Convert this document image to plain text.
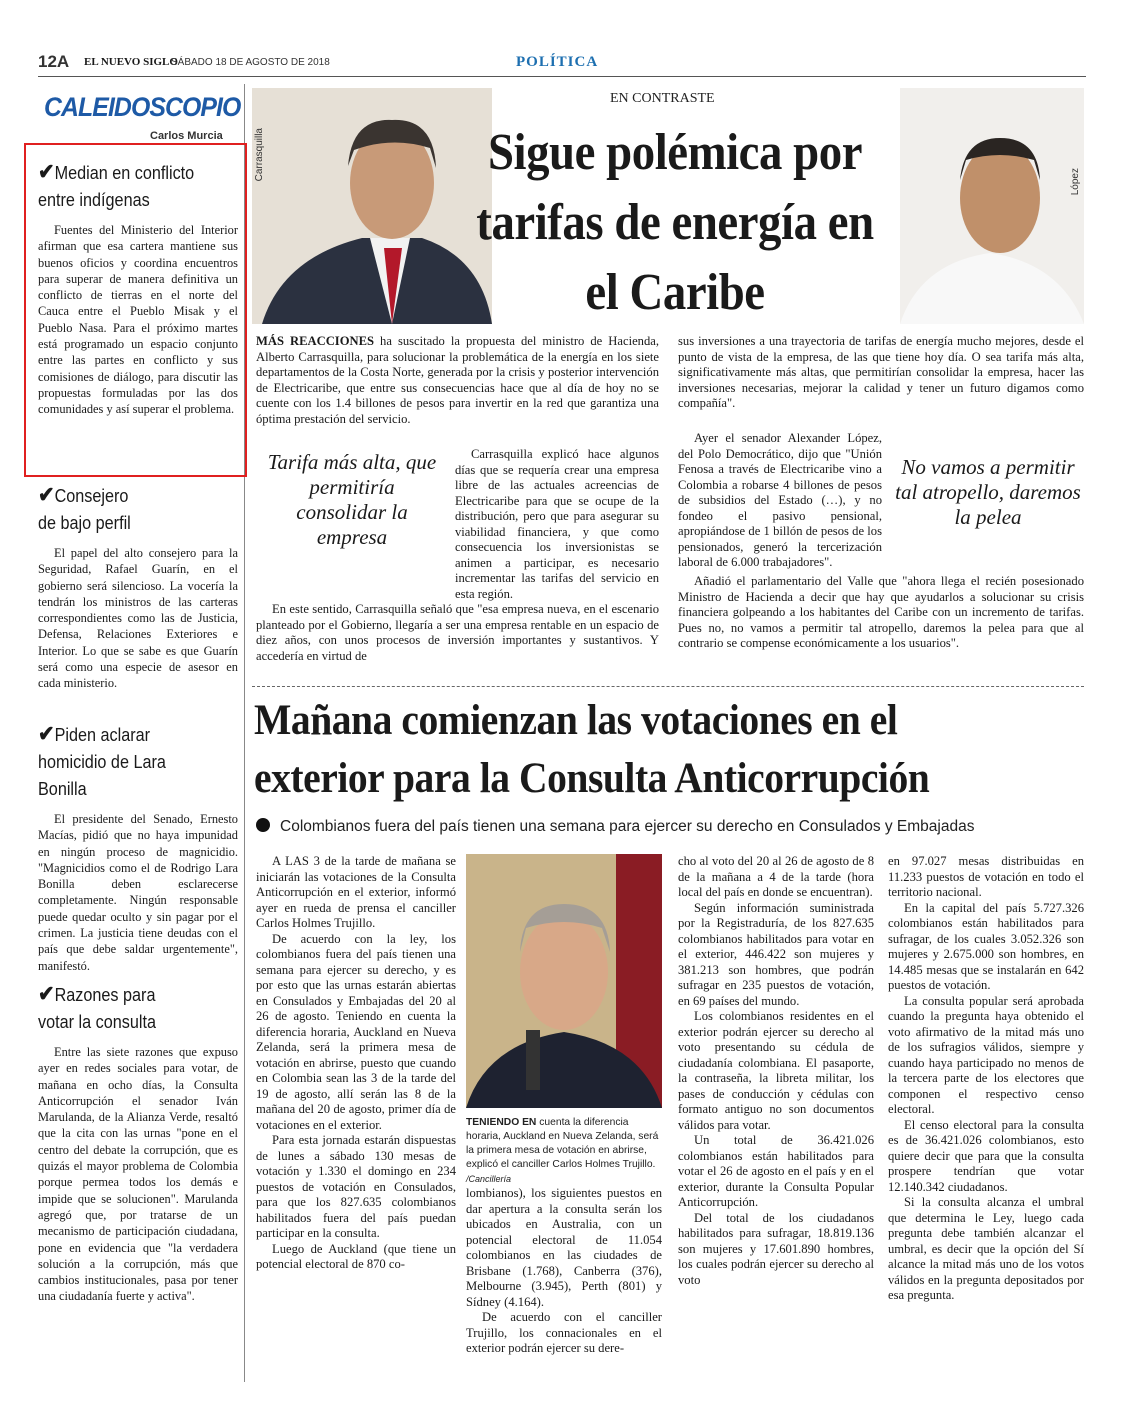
12A EL NUEVO SIGLO
SÁBADO 18 DE AGOSTO DE 2018	POLÍTICA
CALEIDOSCOPIO
Carlos Murcia
✔Median en conflicto
entre indígenas
Fuentes del Ministerio del Interior afirman que esa cartera mantiene sus buenos oficios y coordina encuentros para superar de manera definitiva un conflicto de tierras en el norte del Cauca entre el Pueblo Misak y el Pueblo Nasa. Para el próximo martes está programado un espacio conjunto entre las partes en conflicto y sus comisiones de diálogo, para discutir las propuestas formuladas por las dos comunidades y así superar el problema.
✔Consejero
de bajo perfil
El papel del alto consejero para la Seguridad, Rafael Guarín, en el gobierno será silencioso. La vocería la tendrán los ministros de las carteras correspondientes como las de Justicia, Defensa, Relaciones Exteriores e Interior. Lo que se sabe es que Guarín será como una especie de asesor en cada ministerio.
✔Piden aclarar
homicidio de Lara Bonilla
El presidente del Senado, Ernesto Macías, pidió que no haya impunidad en ningún proceso de magnicidio. "Magnicidios como el de Rodrigo Lara Bonilla deben esclarecerse completamente. Ningún responsable puede quedar oculto y sin pagar por el crimen. La justicia tiene deudas con el país que debe saldar urgentemente", manifestó.
✔Razones para
votar la consulta
Entre las siete razones que expuso ayer en redes sociales para votar, de mañana en ocho días, la Consulta Anticorrupción el senador Iván Marulanda, de la Alianza Verde, resaltó que la cita con las urnas "pone en el centro del debate la corrupción, que es quizás el mayor problema de Colombia porque permea todos los demás e impide que se solucionen". Marulanda agregó que, por tratarse de un mecanismo de participación ciudadana, pone en evidencia que "la verdadera solución a la corrupción, más que cambios institucionales, pasa por tener una ciudadanía fuerte y activa".
Carrasquilla
EN CONTRASTE
Sigue polémica por tarifas de energía en el Caribe
López

MÁS REACCIONES ha suscitado la propuesta del ministro de Hacienda, Alberto Carrasquilla, para solucionar la problemática de la energía en los siete departamentos de la Costa Norte, generada por la crisis y posterior intervención de Electricaribe, que entre sus consecuencias hace que al día de hoy no se cuente con los 1.4 billones de pesos para invertir en la red que garantiza una óptima prestación del servicio.

Tarifa más alta, que permitiría consolidar la empresa

Carrasquilla explicó hace algunos días que se requería crear una empresa libre de las actuales acreencias de Electricaribe para que se ocupe de la distribución, pero que para asegurar su viabilidad financiera, y que como consecuencia los inversionistas se animen a participar, es necesario incrementar las tarifas del servicio en esta región.

En este sentido, Carrasquilla señaló que "esa empresa nueva, en el escenario planteado por el Gobierno, llegaría a ser una empresa rentable en un espacio de diez años, con unos procesos de inversión importantes y sustantivos. Y accedería en virtud de

sus inversiones a una trayectoria de tarifas de energía mucho mejores, desde el punto de vista de la empresa, de las que tiene hoy día. O sea tarifa más alta, significativamente más altas, que permitirían consolidar la empresa, hacer las inversiones necesarias, mejorar la calidad y tener un futuro digamos como compañía".

Ayer el senador Alexander López, del Polo Democrático, dijo que "Unión Fenosa a través de Electricaribe vino a Colombia a robarse 4 billones de pesos de subsidios del Estado (…), y no fondeo el pasivo pensional, apropiándose de 1 billón de pesos de los pensionados, generó la tercerización laboral de 6.000 trabajadores".

No vamos a permitir tal atropello, daremos la pelea

Añadió el parlamentario del Valle que "ahora llega el recién posesionado Ministro de Hacienda a decir que hay que ayudarlos a solucionar su crisis financiera golpeando a los habitantes del Caribe con un incremento de tarifas. Pues no, no vamos a permitir tal atropello, daremos la pelea para que al contrario se compense económicamente a los usuarios".

Mañana comienzan las votaciones en el
exterior para la Consulta Anticorrupción
Colombianos fuera del país tienen una semana para ejercer su derecho en Consulados y Embajadas

A LAS 3 de la tarde de mañana se iniciarán las votaciones de la Consulta Anticorrupción en el exterior, informó ayer en rueda de prensa el canciller Carlos Holmes Trujillo.

De acuerdo con la ley, los colombianos fuera del país tienen una semana para ejercer su derecho, y es por esto que las urnas estarán abiertas en Consulados y Embajadas del 20 al 26 de agosto. Teniendo en cuenta la diferencia horaria, Auckland en Nueva Zelanda, será la primera mesa de votación en abrirse, puesto que cuando en Colombia sean las 3 de la tarde del 19 de agosto, allí serán las 8 de la mañana del 20 de agosto, primer día de votaciones en el exterior.

Para esta jornada estarán dispuestas de lunes a sábado 130 mesas de votación y 1.330 el domingo en 234 puestos de votación en Consulados, para que los 827.635 colombianos habilitados fuera del país puedan participar en la consulta.

Luego de Auckland (que tiene un potencial electoral de 870 co-

TENIENDO EN cuenta la diferencia horaria, Auckland en Nueva Zelanda, será la primera mesa de votación en abrirse, explicó el canciller Carlos Holmes Trujillo. /Cancillería

lombianos), los siguientes puestos en dar apertura a la consulta serán los ubicados en Australia, con un potencial electoral de 11.054 colombianos en las ciudades de Brisbane (1.768), Canberra (376), Melbourne (3.945), Perth (801) y Sídney (4.164).

De acuerdo con el canciller Trujillo, los connacionales en el exterior podrán ejercer su dere-

cho al voto del 20 al 26 de agosto de 8 de la mañana a 4 de la tarde (hora local del país en donde se encuentran).

Según información suministrada por la Registraduría, de los 827.635 colombianos habilitados para votar en el exterior, 446.422 son mujeres y 381.213 son hombres, que podrán sufragar en 235 puestos de votación, en 69 países del mundo.

Los colombianos residentes en el exterior podrán ejercer su derecho al voto presentando su cédula de ciudadanía colombiana. El pasaporte, la contraseña, la libreta militar, los pases de conducción y cédulas con formato antiguo no son documentos válidos para votar.

Un total de 36.421.026 colombianos están habilitados para votar el 26 de agosto en el país y en el exterior, durante la Consulta Popular Anticorrupción.

Del total de los ciudadanos habilitados para sufragar, 18.819.136 son mujeres y 17.601.890 hombres, los cuales podrán ejercer su derecho al voto

en 97.027 mesas distribuidas en 11.233 puestos de votación en todo el territorio nacional.

En la capital del país 5.727.326 colombianos están habilitados para sufragar, de los cuales 3.052.326 son mujeres y 2.675.000 son hombres, en 14.485 mesas que se instalarán en 642 puestos de votación.

La consulta popular será aprobada cuando la pregunta haya obtenido el voto afirmativo de la mitad más uno de los sufragios válidos, siempre y cuando haya participado no menos de la tercera parte de los electores que componen el respectivo censo electoral.

El censo electoral para la consulta es de 36.421.026 colombianos, esto quiere decir que para que la consulta prospere tendrían que votar 12.140.342 ciudadanos.

Si la consulta alcanza el umbral que determina le Ley, luego cada pregunta debe también alcanzar el umbral, es decir que la opción del Sí alcance la mitad más uno de los votos válidos en la pregunta depositados por esa pregunta.
